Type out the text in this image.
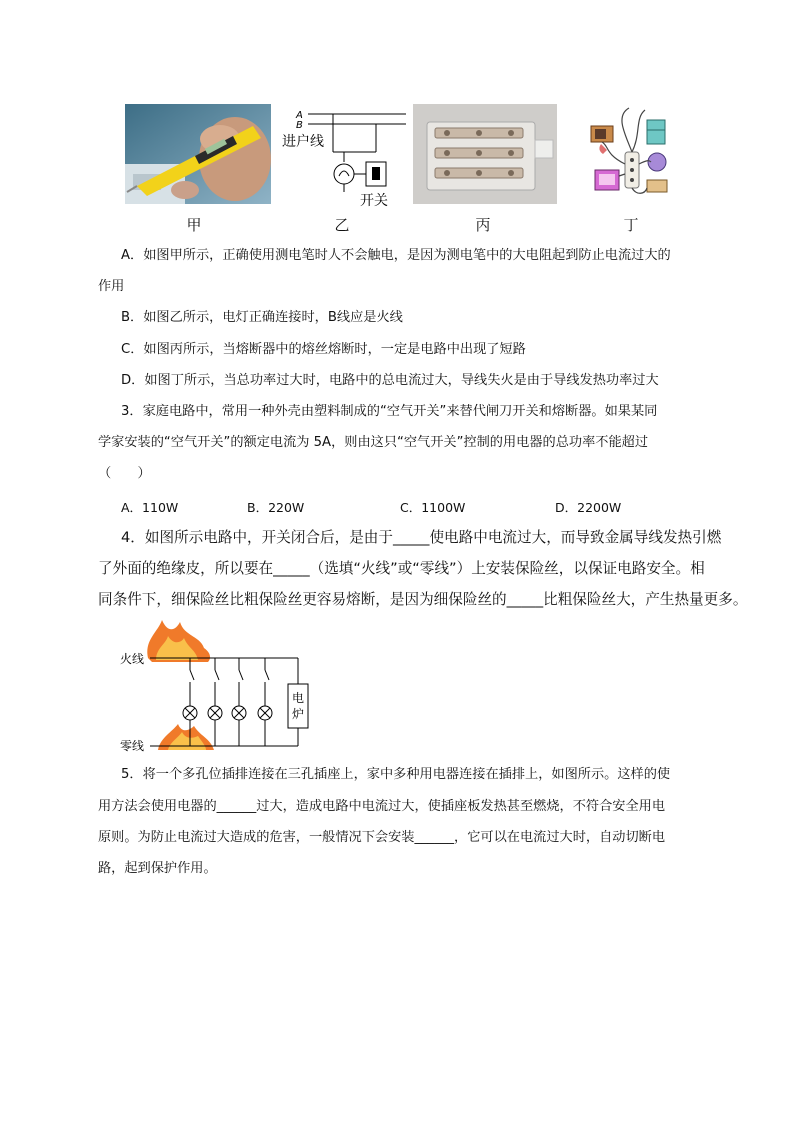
A
B
进户线
开关
甲	乙	丙	丁
A．如图甲所示，正确使用测电笔时人不会触电，是因为测电笔中的大电阻起到防止电流过大的
作用
B．如图乙所示，电灯正确连接时，B线应是火线
C．如图丙所示，当熔断器中的熔丝熔断时，一定是电路中出现了短路
D．如图丁所示，当总功率过大时，电路中的总电流过大，导线失火是由于导线发热功率过大
3．家庭电路中，常用一种外壳由塑料制成的“空气开关”来替代闸刀开关和熔断器。如果某同
学家安装的“空气开关”的额定电流为 5A，则由这只“空气开关”控制的用电器的总功率不能超过
（　　）
A．110W	B．220W	C．1100W	D．2200W
4．如图所示电路中，开关闭合后，是由于_____使电路中电流过大，而导致金属导线发热引燃
了外面的绝缘皮，所以要在_____（选填“火线”或“零线”）上安装保险丝，以保证电路安全。相
同条件下，细保险丝比粗保险丝更容易熔断，是因为细保险丝的_____比粗保险丝大，产生热量更多。
电
炉
火线
零线
5．将一个多孔位插排连接在三孔插座上，家中多种用电器连接在插排上，如图所示。这样的使
用方法会使用电器的______过大，造成电路中电流过大，使插座板发热甚至燃烧，不符合安全用电
原则。为防止电流过大造成的危害，一般情况下会安装______，它可以在电流过大时，自动切断电
路，起到保护作用。
